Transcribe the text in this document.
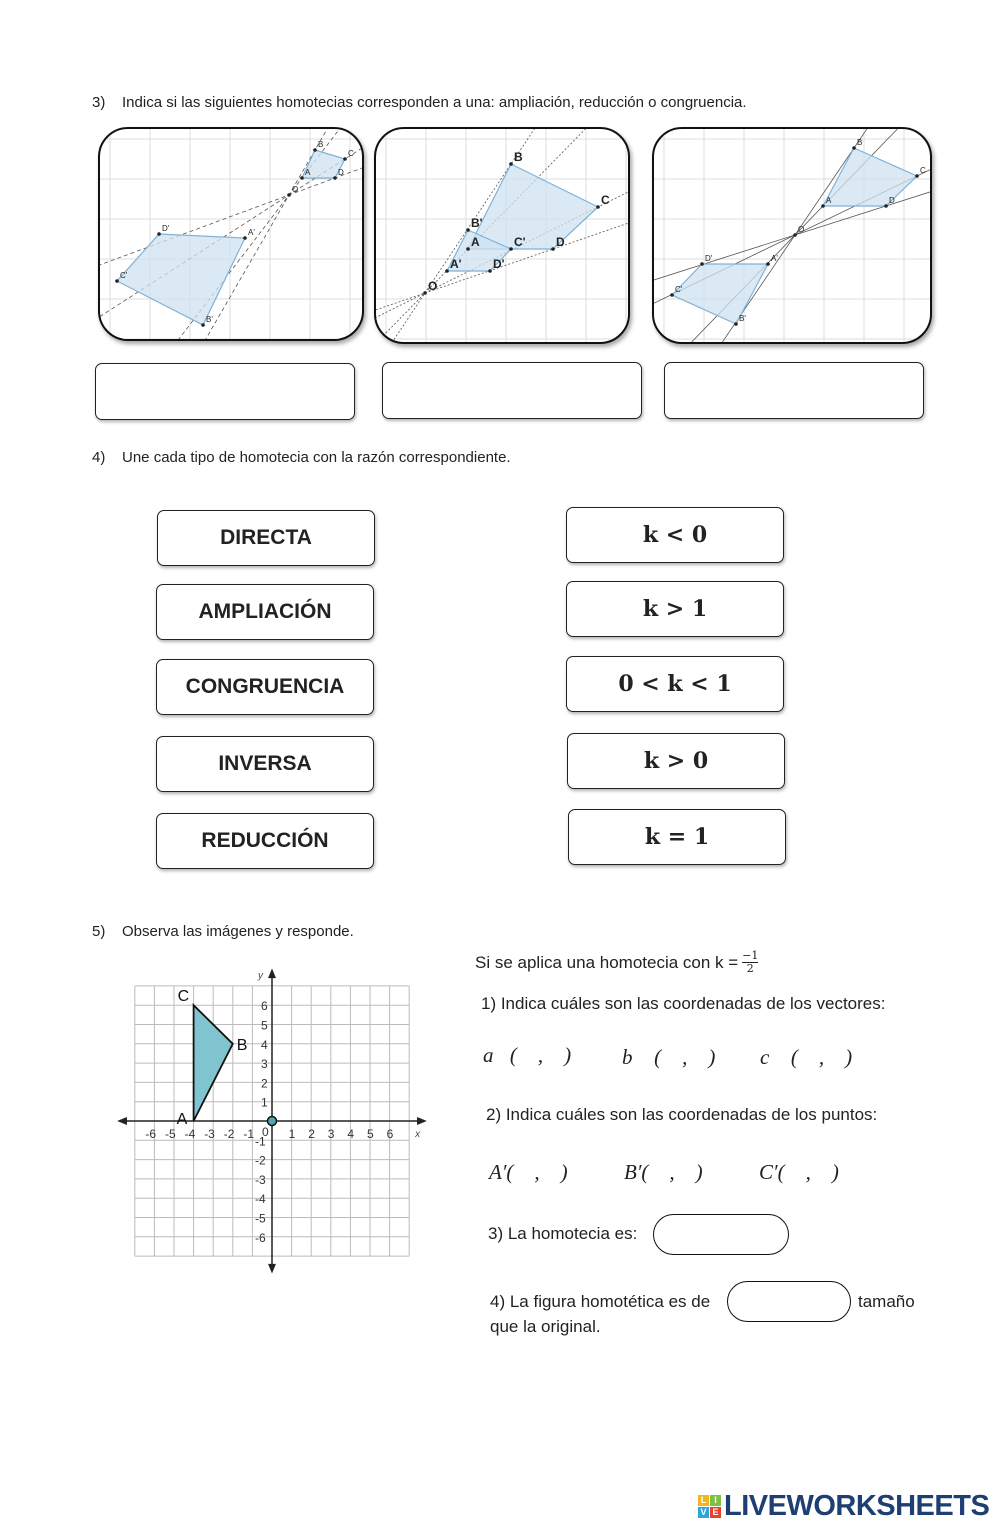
3)    Indica si las siguientes homotecias corresponden a una: ampliación, reducción o congruencia.
B
C
A	D
O
D'	A'
C'
B'
B
C
B'
C'
A	D
A'	D'
O
B
C
A	D
O
D'	A'
C'
B'
4)    Une cada tipo de homotecia con la razón correspondiente.
DIRECTA
AMPLIACIÓN
CONGRUENCIA
INVERSA
REDUCCIÓN
k < 0
k > 1
0 < k < 1
k > 0
k = 1
5)    Observa las imágenes y responde.
-6
-6
-5
-5
-4
-4
-3
-3
-2
-2
-1
-1
1
1
2
2
3
3
4
4
5
5
6
6
0	x
y
A
B
C
Si se aplica una homotecia con $k = \frac{-1}{2}$
1) Indica cuáles son las coordenadas de los vectores:
a⃗(    ,    ) b⃗ (    ,    ) c⃗ (    ,    )
2) Indica cuáles son las coordenadas de los puntos:
A′(    ,    )	B′(    ,    )	C′(    ,    )
3) La homotecia es:
4) La figura homotética es de	tamaño
que la original.
L I
V E LIVEWORKSHEETS
